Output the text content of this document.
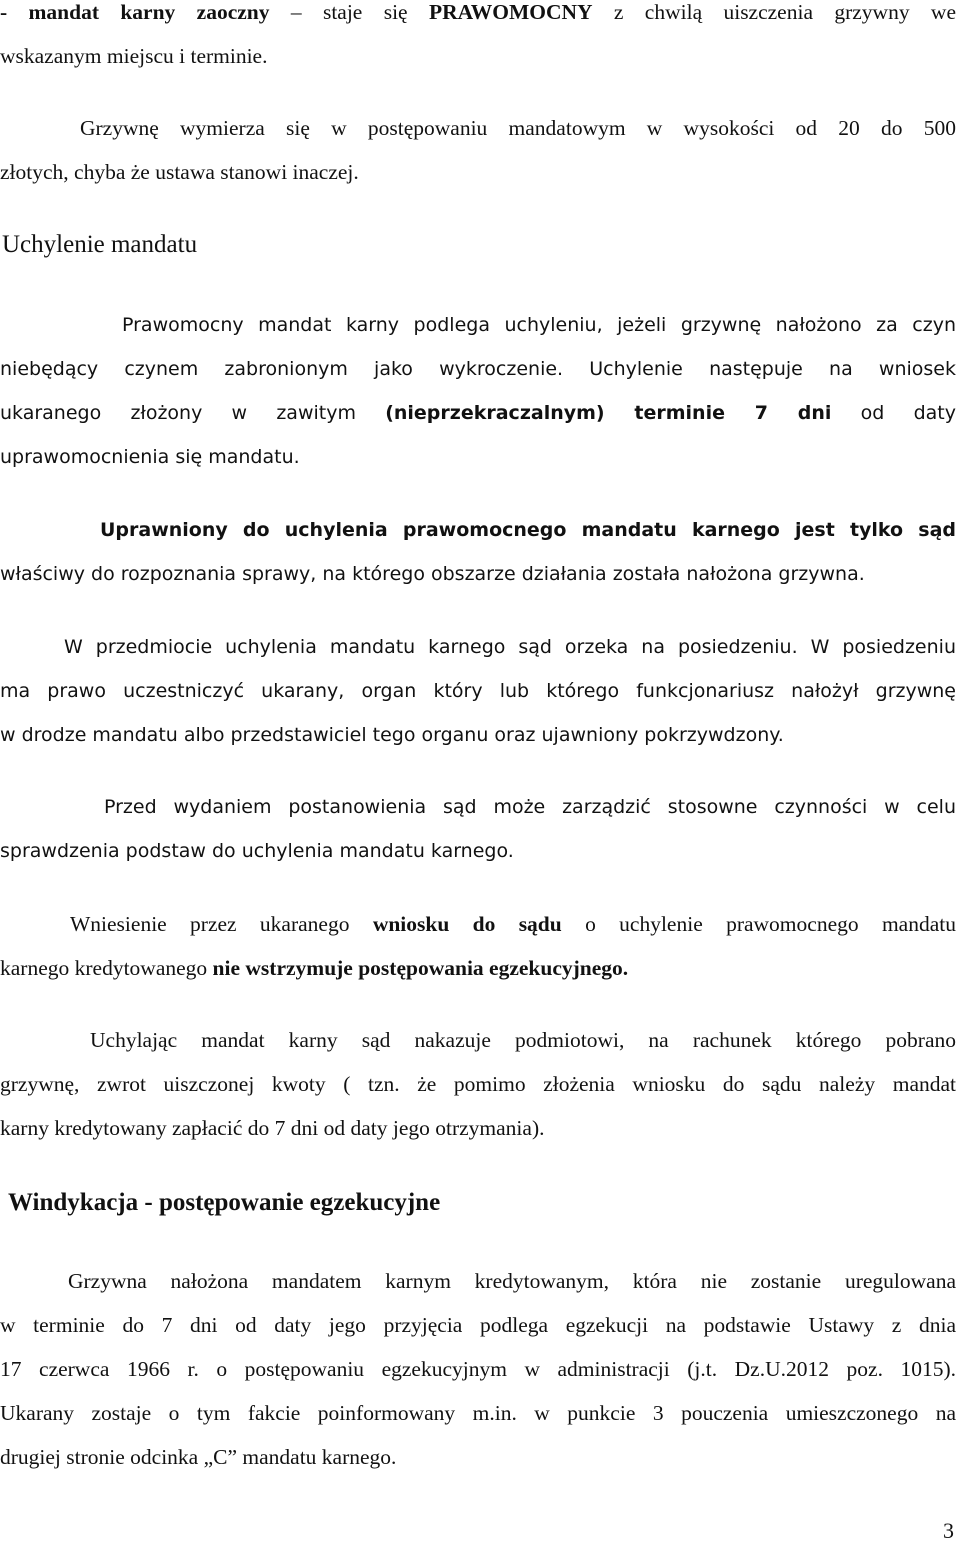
- mandat karny zaoczny – staje się PRAWOMOCNY z chwilą uiszczenia grzywny we
wskazanym miejscu i terminie.
Grzywnę wymierza się w postępowaniu mandatowym w wysokości od 20 do 500
złotych, chyba że ustawa stanowi inaczej.
Uchylenie mandatu
Prawomocny mandat karny podlega uchyleniu, jeżeli grzywnę nałożono za czyn
niebędący czynem zabronionym jako wykroczenie. Uchylenie następuje na wniosek
ukaranego złożony w zawitym (nieprzekraczalnym) terminie 7 dni od daty
uprawomocnienia się mandatu.
Uprawniony do uchylenia prawomocnego mandatu karnego jest tylko sąd
właściwy do rozpoznania sprawy, na którego obszarze działania została nałożona grzywna.
W przedmiocie uchylenia mandatu karnego sąd orzeka na posiedzeniu. W posiedzeniu
ma prawo uczestniczyć ukarany, organ który lub którego funkcjonariusz nałożył grzywnę
w drodze mandatu albo przedstawiciel tego organu oraz ujawniony pokrzywdzony.
Przed wydaniem postanowienia sąd może zarządzić stosowne czynności w celu
sprawdzenia podstaw do uchylenia mandatu karnego.
Wniesienie przez ukaranego wniosku do sądu o uchylenie prawomocnego mandatu
karnego kredytowanego nie wstrzymuje postępowania egzekucyjnego.
Uchylając mandat karny sąd nakazuje podmiotowi, na rachunek którego pobrano
grzywnę, zwrot uiszczonej kwoty ( tzn. że pomimo złożenia wniosku do sądu należy mandat
karny kredytowany zapłacić do 7 dni od daty jego otrzymania).
Windykacja - postępowanie egzekucyjne
Grzywna nałożona mandatem karnym kredytowanym, która nie zostanie uregulowana
w terminie do 7 dni od daty jego przyjęcia podlega egzekucji na podstawie Ustawy z dnia
17 czerwca 1966 r. o postępowaniu egzekucyjnym w administracji (j.t. Dz.U.2012 poz. 1015).
Ukarany zostaje o tym fakcie poinformowany m.in. w punkcie 3 pouczenia umieszczonego na
drugiej stronie odcinka „C” mandatu karnego.
3
